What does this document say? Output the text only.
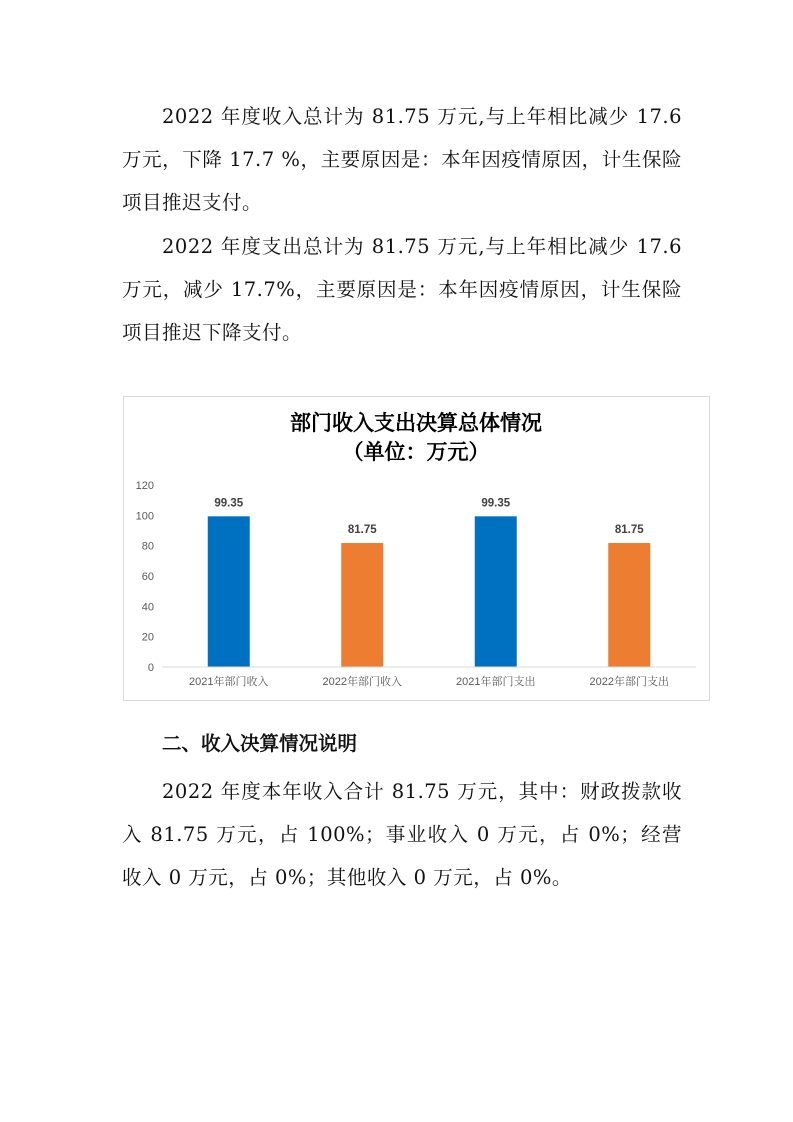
2022 年度收入总计为 81.75 万元,与上年相比减少 17.6 万元，下降 17.7 %，主要原因是：本年因疫情原因，计生保险项目推迟支付。

2022 年度支出总计为 81.75 万元,与上年相比减少 17.6 万元，减少 17.7%，主要原因是：本年因疫情原因，计生保险项目推迟下降支付。

部门收入支出决算总体情况
（单位：万元）
0
20
40
60
80
100
120
99.35
81.75
99.35
81.75
2021年部门收入	2022年部门收入	2021年部门支出	2022年部门支出
二、收入决算情况说明

2022 年度本年收入合计 81.75 万元，其中：财政拨款收入 81.75 万元，占 100%；事业收入 0 万元，占 0%；经营收入 0 万元，占 0%；其他收入 0 万元，占 0%。
